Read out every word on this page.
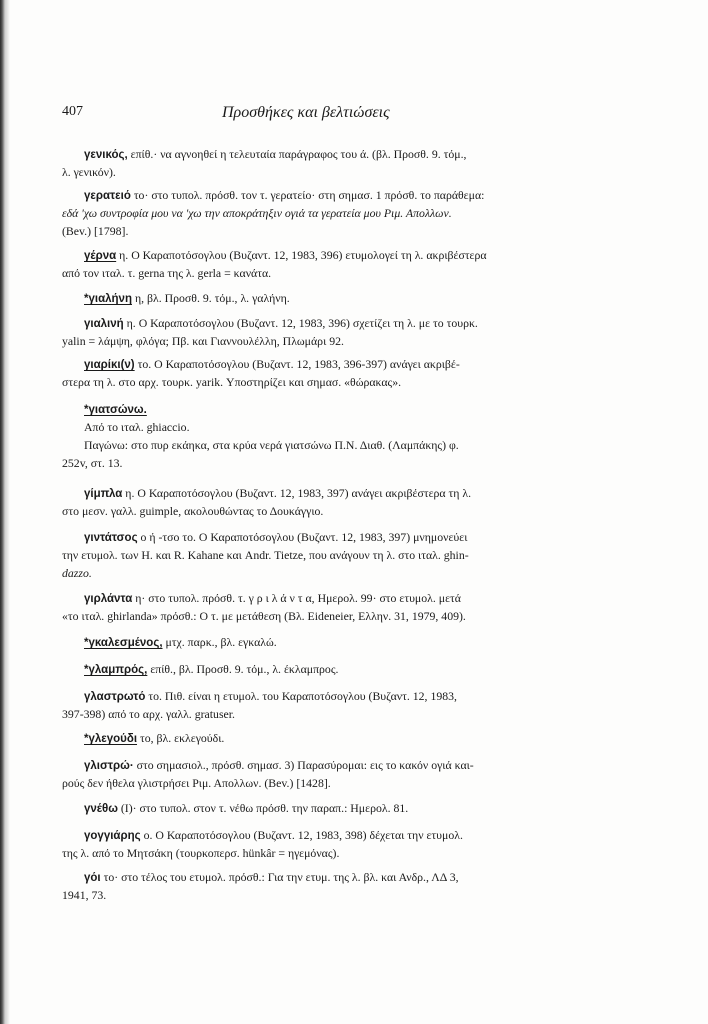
407	Προσθήκες και βελτιώσεις
γενικός, επίθ.· να αγνοηθεί η τελευταία παράγραφος του ά. (βλ. Προσθ. 9. τόμ.,
λ. γενικόν).
γερατειό το· στο τυπολ. πρόσθ. τον τ. γερατείο· στη σημασ. 1 πρόσθ. το παράθεμα:
εδά 'χω συντροφία μου να 'χω την αποκράτηξιν ογιά τα γερατεία μου Ριμ. Απολλων.
(Bev.) [1798].
γέρνα η. Ο Καραποτόσογλου (Βυζαντ. 12, 1983, 396) ετυμολογεί τη λ. ακριβέστερα
από τον ιταλ. τ. gerna της λ. gerla = κανάτα.
*γιαλήνη η, βλ. Προσθ. 9. τόμ., λ. γαλήνη.
γιαλινή η. Ο Καραποτόσογλου (Βυζαντ. 12, 1983, 396) σχετίζει τη λ. με το τουρκ.
yalin = λάμψη, φλόγα; Πβ. και Γιαννουλέλλη, Πλωμάρι 92.
γιαρίκι(ν) το. Ο Καραποτόσογλου (Βυζαντ. 12, 1983, 396-397) ανάγει ακριβέ-
στερα τη λ. στο αρχ. τουρκ. yarik. Υποστηρίζει και σημασ. «θώρακας».
*γιατσώνω.
Από το ιταλ. ghiaccio.
Παγώνω: στο πυρ εκάηκα, στα κρύα νερά γιατσώνω Π.Ν. Διαθ. (Λαμπάκης) φ.
252v, στ. 13.
γίμπλα η. Ο Καραποτόσογλου (Βυζαντ. 12, 1983, 397) ανάγει ακριβέστερα τη λ.
στο μεσν. γαλλ. guimple, ακολουθώντας το Δουκάγγιο.
γιντάτσος ο ή -τσο το. Ο Καραποτόσογλου (Βυζαντ. 12, 1983, 397) μνημονεύει
την ετυμολ. των Η. και R. Kahane και Andr. Tietze, που ανάγουν τη λ. στο ιταλ. ghin-
dazzo.
γιρλάντα η· στο τυπολ. πρόσθ. τ. γ ρ ι λ ά ν τ α, Ημερολ. 99· στο ετυμολ. μετά
«το ιταλ. ghirlanda» πρόσθ.: Ο τ. με μετάθεση (Βλ. Eideneier, Ελλην. 31, 1979, 409).
*γκαλεσμένος, μτχ. παρκ., βλ. εγκαλώ.
*γλαμπρός, επίθ., βλ. Προσθ. 9. τόμ., λ. έκλαμπρος.
γλαστρωτό το. Πιθ. είναι η ετυμολ. του Καραποτόσογλου (Βυζαντ. 12, 1983,
397-398) από το αρχ. γαλλ. gratuser.
*γλεγούδι το, βλ. εκλεγούδι.
γλιστρώ· στο σημασιολ., πρόσθ. σημασ. 3) Παρασύρομαι: εις το κακόν ογιά και-
ρούς δεν ήθελα γλιστρήσει Ριμ. Απολλων. (Bev.) [1428].
γνέθω (Ι)· στο τυπολ. στον τ. νέθω πρόσθ. την παραπ.: Ημερολ. 81.
γογγιάρης ο. Ο Καραποτόσογλου (Βυζαντ. 12, 1983, 398) δέχεται την ετυμολ.
της λ. από το Μητσάκη (τουρκοπερσ. hünkâr = ηγεμόνας).
γόι το· στο τέλος του ετυμολ. πρόσθ.: Για την ετυμ. της λ. βλ. και Ανδρ., ΛΔ 3,
1941, 73.
